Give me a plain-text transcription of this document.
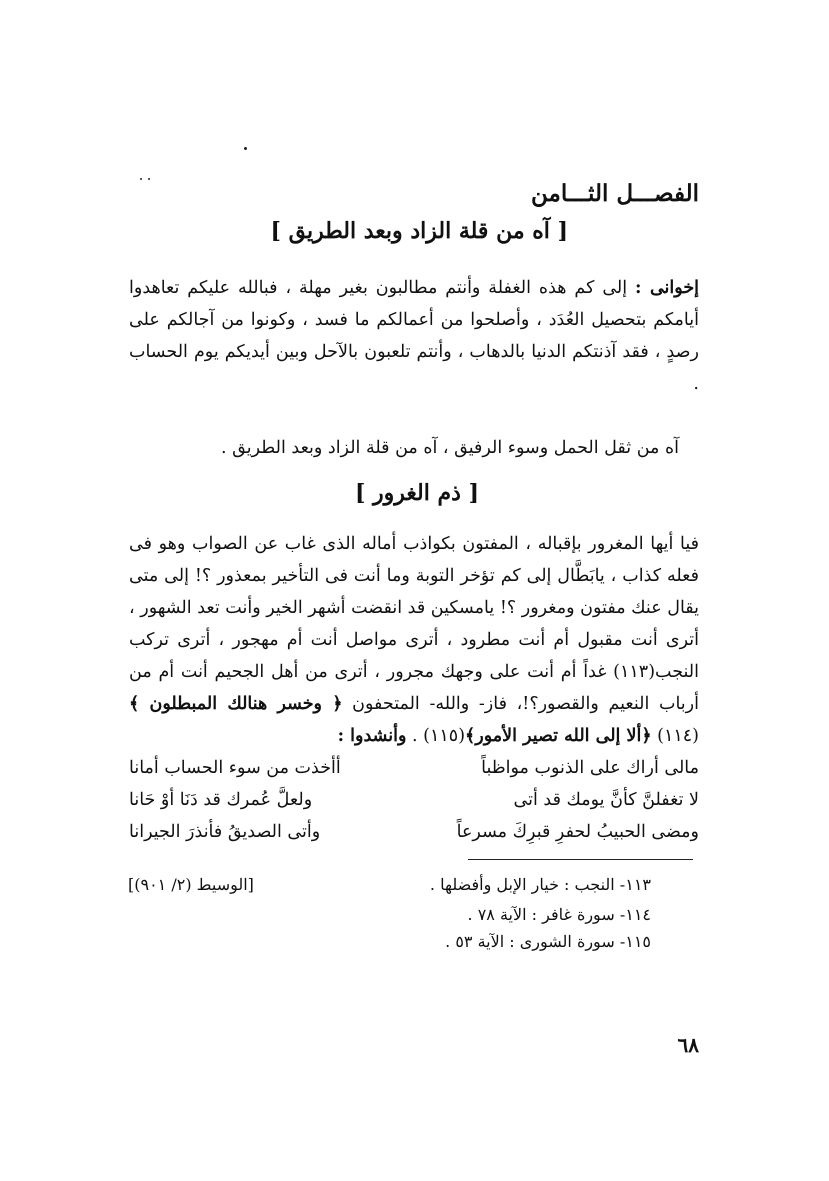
الفصـــل الثـــامن
[ آه من قلة الزاد وبعد الطريق ]
إخوانى : إلى كم هذه الغفلة وأنتم مطالبون بغير مهلة ، فبالله عليكم تعاهدوا أيامكم بتحصيل العُدَد ، وأصلحوا من أعمالكم ما فسد ، وكونوا من آجالكم على رصدٍ ، فقد آذنتكم الدنيا بالدهاب ، وأنتم تلعبون بالآحل وبين أيديكم يوم الحساب .
آه من ثقل الحمل وسوء الرفيق ، آه من قلة الزاد وبعد الطريق .
[ ذم الغرور ]
فيا أيها المغرور بإقباله ، المفتون بكواذب أماله الذى غاب عن الصواب وهو فى فعله كذاب ، يابَطَّال إلى كم تؤخر التوبة وما أنت فى التأخير بمعذور ؟! إلى متى يقال عنك مفتون ومغرور ؟! يامسكين قد انقضت أشهر الخير وأنت تعد الشهور ، أترى أنت مقبول أم أنت مطرود ، أترى مواصل أنت أم مهجور ، أترى تركب النجب(١١٣) غداً أم أنت على وجهك مجرور ، أترى من أهل الجحيم أنت أم من أرباب النعيم والقصور؟!، فاز- والله- المتحفون ﴿ وخسر هنالك المبطلون ﴾(١١٤) ﴿ألا إلى الله تصير الأمور﴾(١١٥) . وأنشدوا :
مالى أراك على الذنوب مواظباً
أأخذت من سوء الحساب أمانا
لا تغفلنَّ كأنَّ يومك قد أتى
ولعلَّ عُمرك قد دَنَا أوْ حَانا
ومضى الحبيبُ لحفرِ قبرِكَ مسرعاً
وأتى الصديقُ فأنذرَ الجيرانا
١١٣- النجب : خيار الإبل وأفضلها .
١١٤- سورة غافر : الآية ٧٨ .
١١٥- سورة الشورى : الآية ٥٣ .
[الوسيط (٢/ ٩٠١)]
٦٨
